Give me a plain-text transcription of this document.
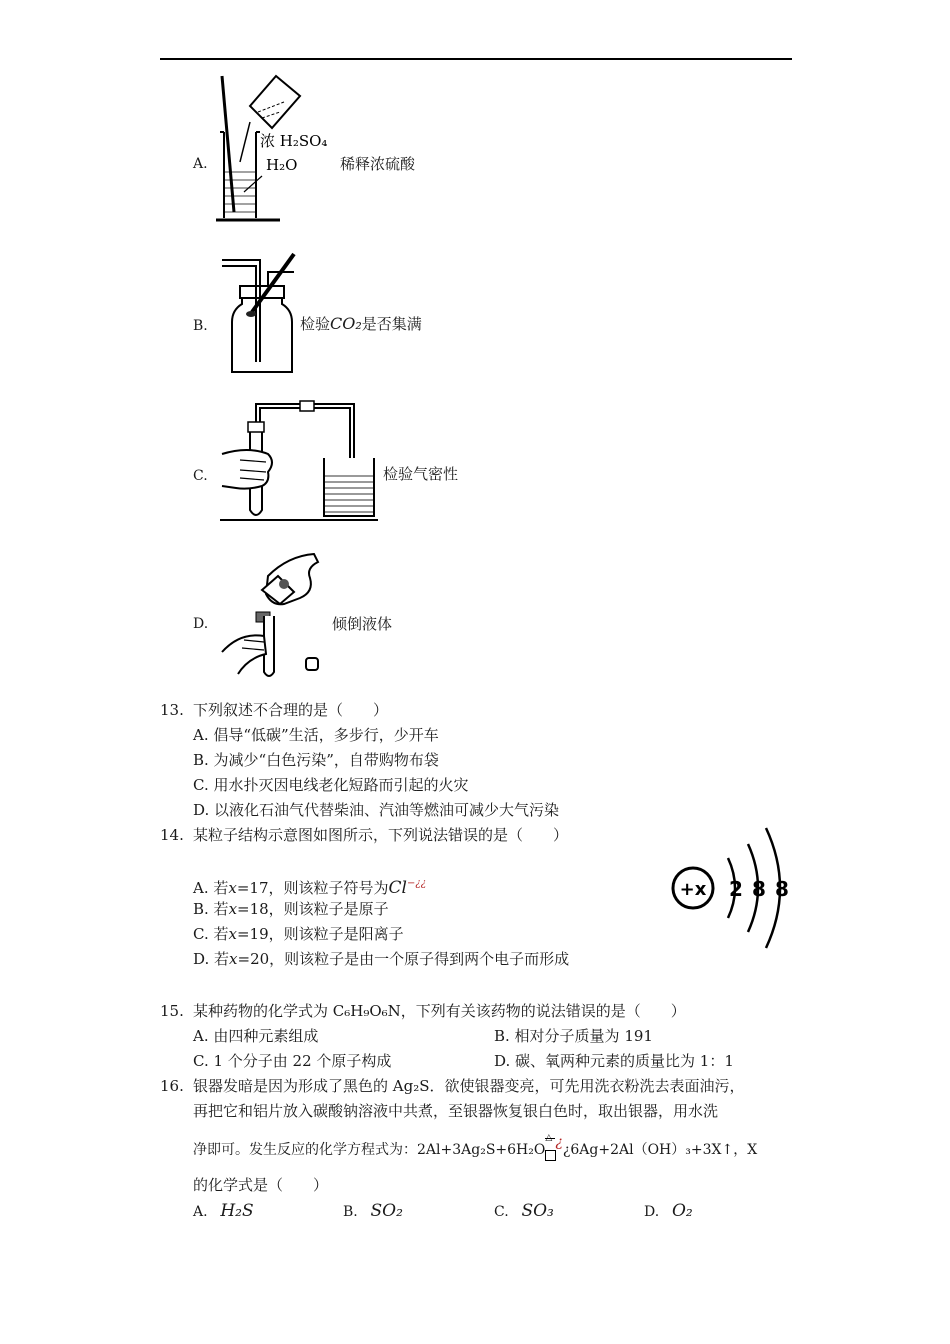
A.
浓 H₂SO₄
H₂O	稀释浓硫酸
B.	检验CO₂是否集满
C.	检验气密性
D.	倾倒液体
13. 下列叙述不合理的是（　　）
A. 倡导“低碳”生活，多步行，少开车
B. 为减少“白色污染”，自带购物布袋
C. 用水扑灭因电线老化短路而引起的火灾
D. 以液化石油气代替柴油、汽油等燃油可减少大气污染
14. 某粒子结构示意图如图所示，下列说法错误的是（　　）
A. 若x=17，则该粒子符号为Cl−¿¿
B. 若x=18，则该粒子是原子
C. 若x=19，则该粒子是阳离子
D. 若x=20，则该粒子是由一个原子得到两个电子而形成
+x 2 8 8
15. 某种药物的化学式为 C₆H₉O₆N，下列有关该药物的说法错误的是（　　）
A. 由四种元素组成	B. 相对分子质量为 191
C. 1 个分子由 22 个原子构成	D. 碳、氧两种元素的质量比为 1：1
16. 银器发暗是因为形成了黑色的 Ag₂S．欲使银器变亮，可先用洗衣粉洗去表面油污，
再把它和铝片放入碳酸钠溶液中共煮，至银器恢复银白色时，取出银器，用水洗
净即可。发生反应的化学方程式为：2Al+3Ag₂S+6H₂O
△ ¿¿6Ag+2Al（OH）₃+3X↑，X
的化学式是（　　）
A. H₂S	B. SO₂	C. SO₃	D. O₂
